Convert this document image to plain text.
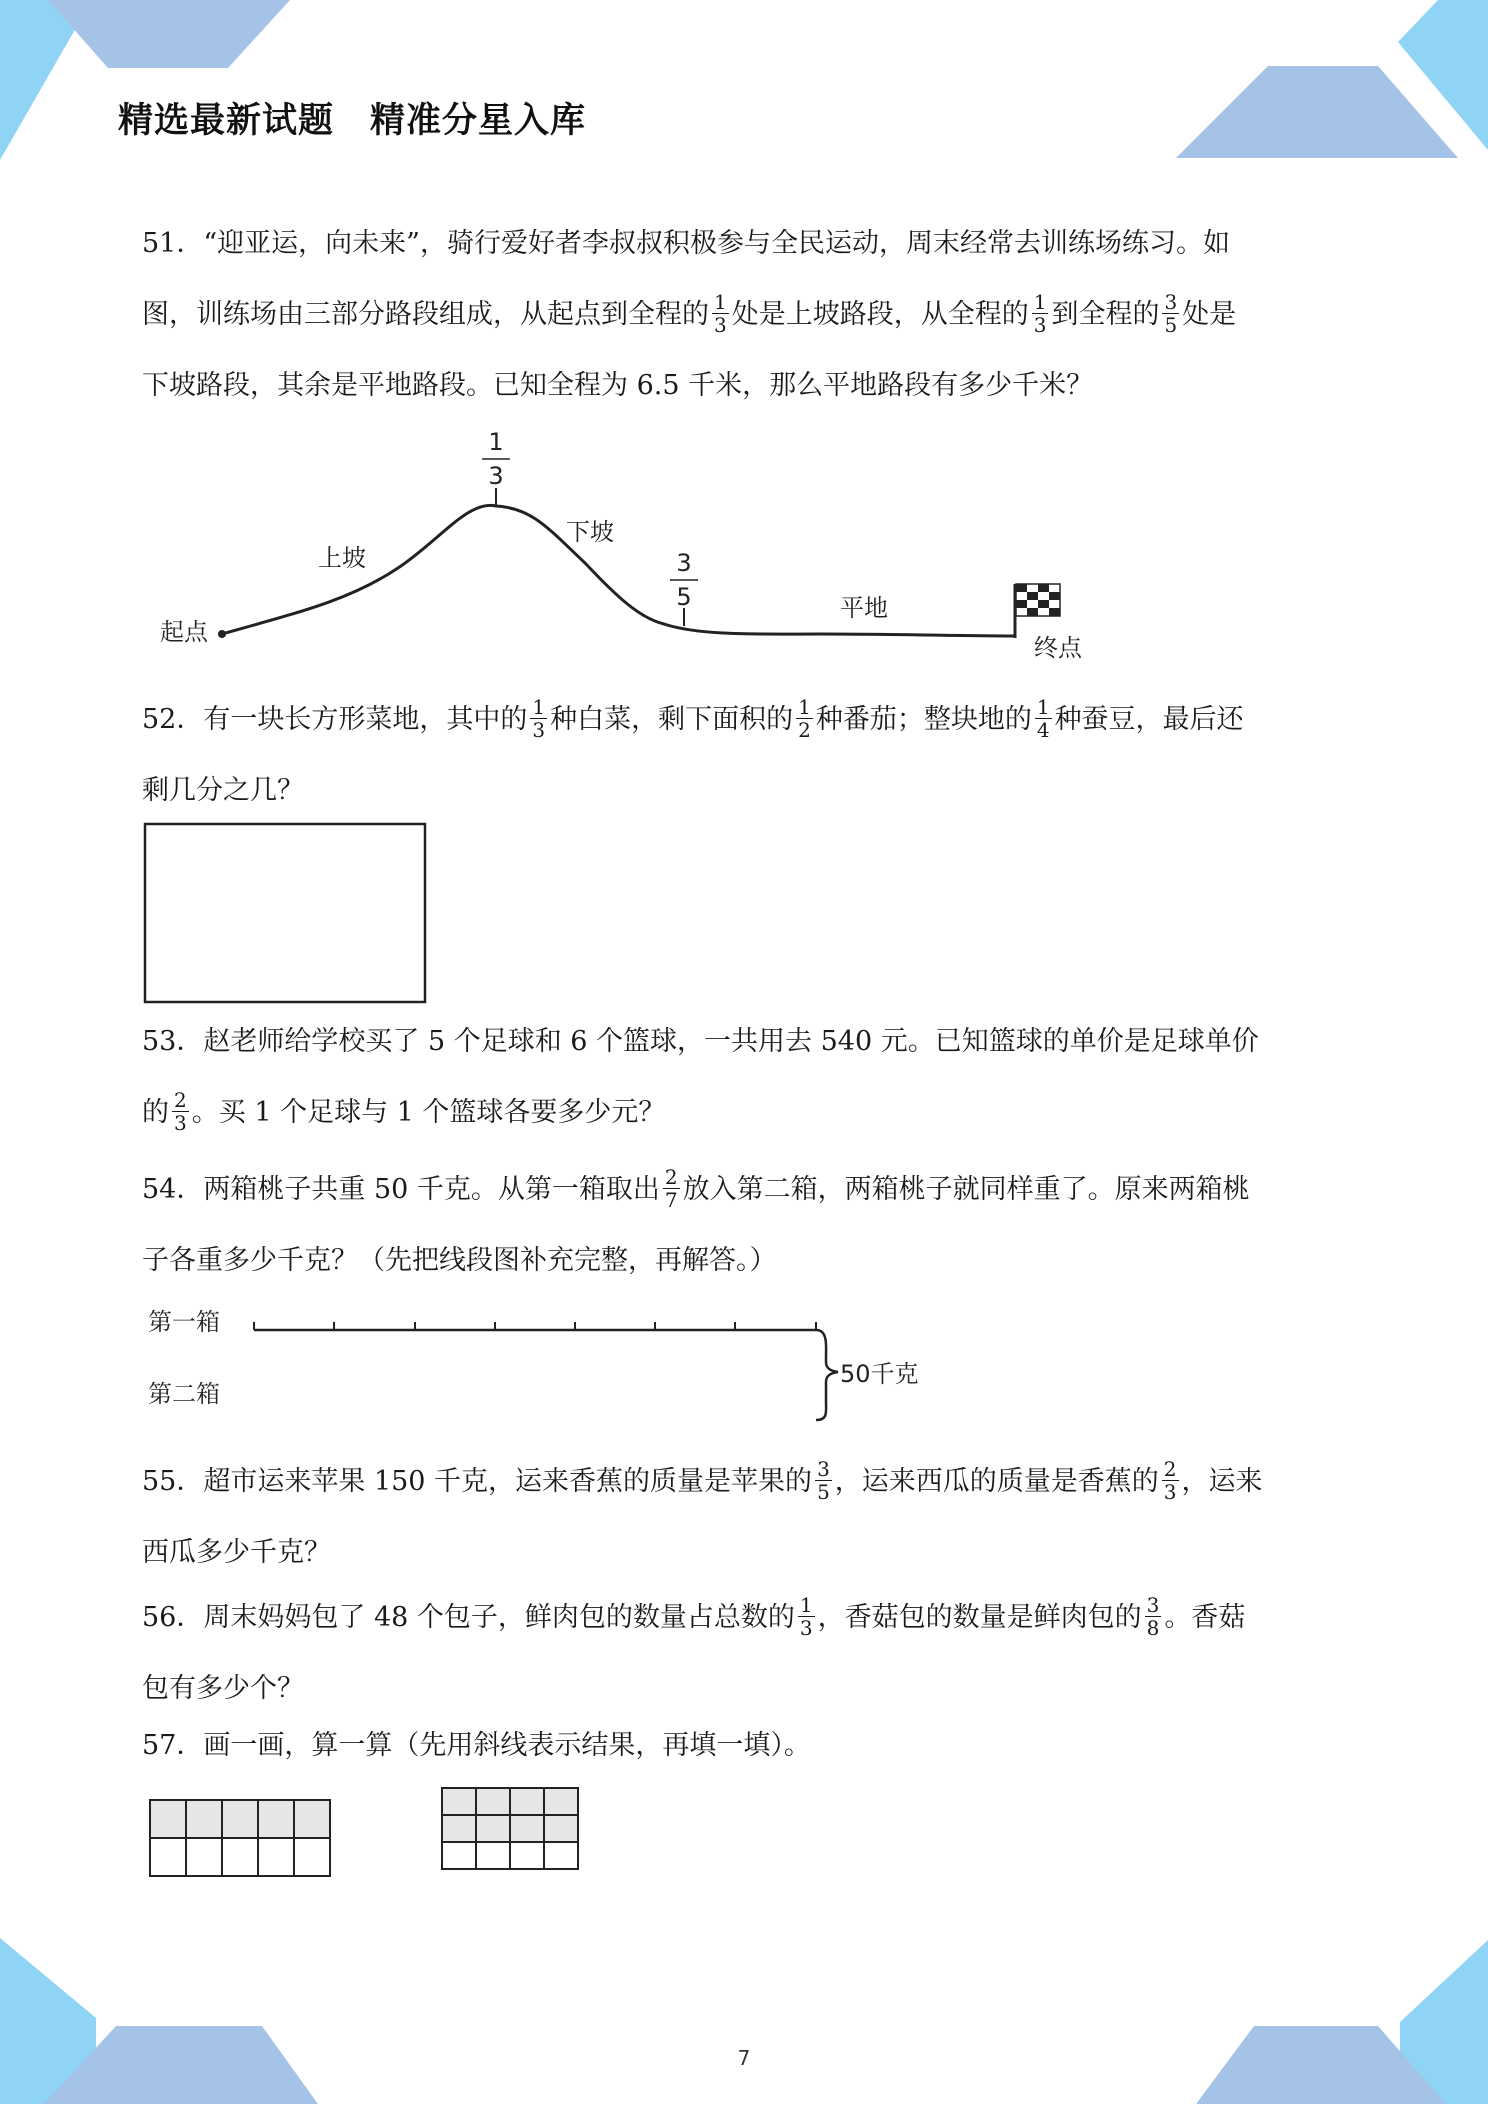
精选最新试题　精准分星入库
51．“迎亚运，向未来”，骑行爱好者李叔叔积极参与全民运动，周末经常去训练场练习。如
图，训练场由三部分路段组成，从起点到全程的 $\frac{1}{3}$ 处是上坡路段，从全程的 $\frac{1}{3}$ 到全程的 $\frac{3}{5}$ 处是
下坡路段，其余是平地路段。已知全程为 6.5 千米，那么平地路段有多少千米？
1
3
3
5
起点
上坡
下坡
平地
终点
52．有一块长方形菜地，其中的 $\frac{1}{3}$ 种白菜，剩下面积的 $\frac{1}{2}$ 种番茄；整块地的 $\frac{1}{4}$ 种蚕豆，最后还
剩几分之几？
53．赵老师给学校买了 5 个足球和 6 个篮球，一共用去 540 元。已知篮球的单价是足球单价
的 $\frac{2}{3}$ 。买 1 个足球与 1 个篮球各要多少元？
54．两箱桃子共重 50 千克。从第一箱取出 $\frac{2}{7}$ 放入第二箱，两箱桃子就同样重了。原来两箱桃
子各重多少千克？（先把线段图补充完整，再解答。）
第一箱
第二箱
50千克
55．超市运来苹果 150 千克，运来香蕉的质量是苹果的 $\frac{3}{5}$ ，运来西瓜的质量是香蕉的 $\frac{2}{3}$ ，运来
西瓜多少千克？
56．周末妈妈包了 48 个包子，鲜肉包的数量占总数的 $\frac{1}{3}$ ，香菇包的数量是鲜肉包的 $\frac{3}{8}$ 。香菇
包有多少个？
57．画一画，算一算（先用斜线表示结果，再填一填）。
7
